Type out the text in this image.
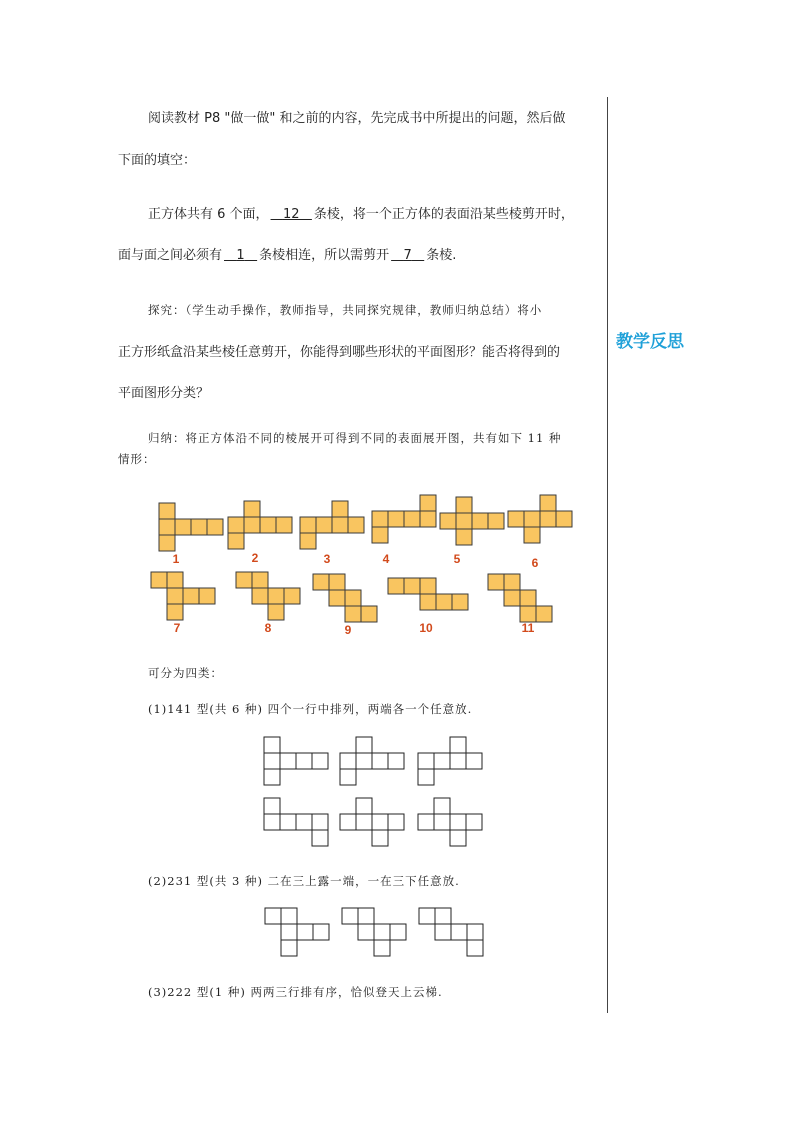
教学反思
阅读教材 P8 "做一做" 和之前的内容，先完成书中所提出的问题，然后做
下面的填空：
正方体共有 6 个面， 12 条棱，将一个正方体的表面沿某些棱剪开时，
面与面之间必须有 1 条棱相连，所以需剪开 7 条棱.
探究：（学生动手操作，教师指导，共同探究规律，教师归纳总结）将小
正方形纸盒沿某些棱任意剪开，你能得到哪些形状的平面图形？能否将得到的
平面图形分类？
归纳：将正方体沿不同的棱展开可得到不同的表面展开图，共有如下 11 种
情形：
可分为四类：
(1)141 型(共 6 种) 四个一行中排列，两端各一个任意放.
(2)231 型(共 3 种) 二在三上露一端，一在三下任意放.
(3)222 型(1 种) 两两三行排有序，恰似登天上云梯.
1	2	3	4	5	6
7	8	9	10	11
